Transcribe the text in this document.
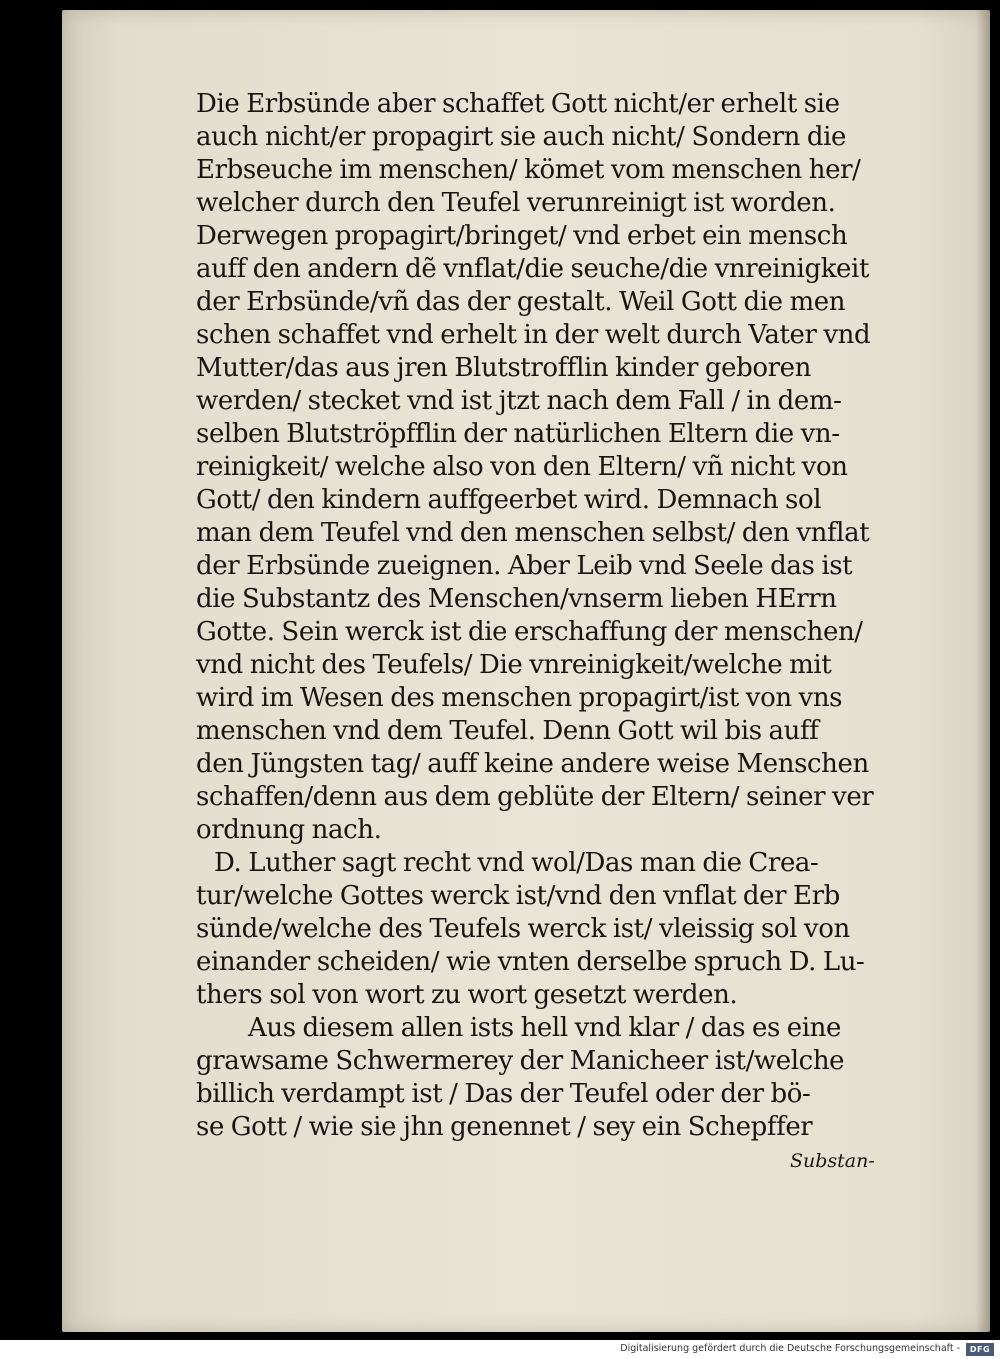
Die Erbsünde aber schaffet Gott nicht/er erhelt sie
auch nicht/er propagirt sie auch nicht/ Sondern die
Erbseuche im menschen/ kömet vom menschen her/
welcher durch den Teufel verunreinigt ist worden.
Derwegen propagirt/bringet/ vnd erbet ein mensch
auff den andern dẽ vnflat/die seuche/die vnreinigkeit
der Erbsünde/vñ das der gestalt. Weil Gott die men
schen schaffet vnd erhelt in der welt durch Vater vnd
Mutter/das aus jren Blutstrofflin kinder geboren
werden/ stecket vnd ist jtzt nach dem Fall / in dem-
selben Blutströpfflin der natürlichen Eltern die vn-
reinigkeit/ welche also von den Eltern/ vñ nicht von
Gott/ den kindern auffgeerbet wird. Demnach sol
man dem Teufel vnd den menschen selbst/ den vnflat
der Erbsünde zueignen. Aber Leib vnd Seele das ist
die Substantz des Menschen/vnserm lieben HErrn
Gotte. Sein werck ist die erschaffung der menschen/
vnd nicht des Teufels/ Die vnreinigkeit/welche mit
wird im Wesen des menschen propagirt/ist von vns
menschen vnd dem Teufel. Denn Gott wil bis auff
den Jüngsten tag/ auff keine andere weise Menschen
schaffen/denn aus dem geblüte der Eltern/ seiner ver
ordnung nach.
D. Luther sagt recht vnd wol/Das man die Crea-
tur/welche Gottes werck ist/vnd den vnflat der Erb
sünde/welche des Teufels werck ist/ vleissig sol von
einander scheiden/ wie vnten derselbe spruch D. Lu-
thers sol von wort zu wort gesetzt werden.
Aus diesem allen ists hell vnd klar / das es eine
grawsame Schwermerey der Manicheer ist/welche
billich verdampt ist / Das der Teufel oder der bö-
se Gott / wie sie jhn genennet / sey ein Schepffer
Substan-
Digitalisierung gefördert durch die Deutsche Forschungsgemeinschaft -	DFG
